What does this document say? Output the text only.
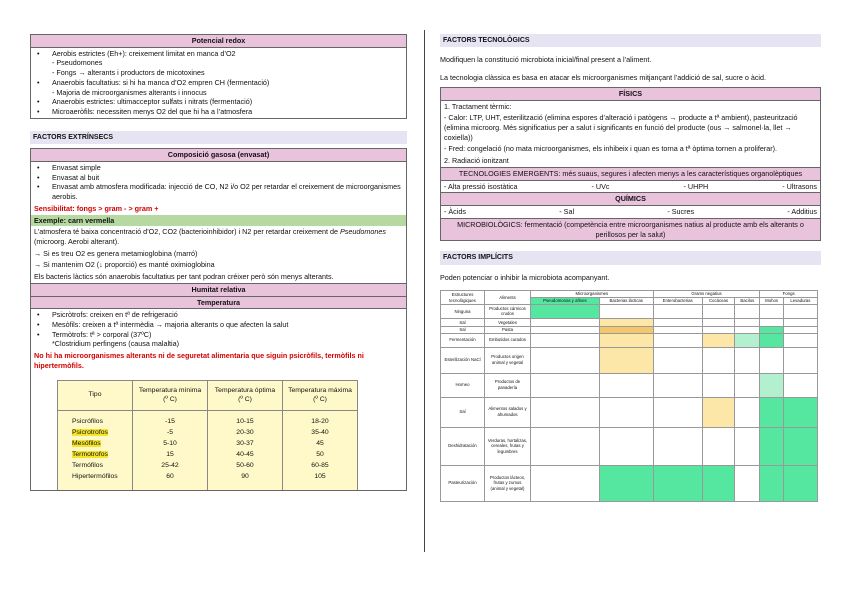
Potencial redox
• Aerobis estrictes (Eh+): creixement limitat en manca d’O2
- Pseudomones
- Fongs → alterants i productors de micotoxines
• Anaerobis facultatius: si hi ha manca d’O2 empren CH (fermentació)
- Majoria de microorganismes alterants i innocus
• Anaerobis estrictes: ultimacceptor sulfats i nitrats (fermentació)
• Microaeròfils: necessiten menys O2 del que hi ha a l’atmosfera
FACTORS EXTRÍNSECS
Composició gasosa (envasat)
• Envasat simple
• Envasat al buit
• Envasat amb atmosfera modificada: injecció de CO, N2 i/o O2 per retardar el creixement de microorganismes aerobis.
Sensibilitat: fongs > gram - > gram +
Exemple: carn vermella
L’atmosfera té baixa concentració d’O2, CO2 (bacterioinhibidor) i N2 per retardar creixement de Pseudomones (microorg. Aerobi alterant).
→ Si es treu O2 es genera metamioglobina (marró)
→ Si mantenim O2 (↓ proporció) es manté oximioglobina
Els bacteris làctics són anaerobis facultatius per tant podran créixer però són menys alterants.
Humitat relativa
Temperatura
• Psicròtrofs: creixen en tª de refrigeració
• Mesòfils: creixen a tª intermèdia → majoria alterants o que afecten la salut
• Termòtrofs: tª > corporal (37ºC)
*Clostridium perfingens (causa malaltia)
No hi ha microorganismes alterants ni de seguretat alimentaria que siguin psicròfils, termòfils ni hipertermòfils.
Tipo	Temperatura mínima (º C)	Temperatura óptima (º C)	Temperatura máxima (º C)
Psicrófilos	-15	10-15	18-20
Psicrotrofos	-5	20-30	35-40
Mesófilos	5-10	30-37	45
Termotrofos	15	40-45	50
Termófilos	25-42	50-60	60-85
Hipertermófilos	60	90	105
FACTORS TECNOLÒGICS
Modifiquen la constitució microbiota inicial/final present a l’aliment.
La tecnologia clàssica es basa en atacar els microorganismes mitjançant l’addició de sal, sucre o àcid.
FÍSICS
1. Tractament tèrmic:
- Calor: LTP, UHT, esterilització (elimina espores d’alteració i patògens → producte a tª ambient), pasteurització (elimina microorg. Més significatius per a salut i significants en funció del producte (ous → salmonel·la, llet → coxiella))
- Fred: congelació (no mata microorganismes, els inhibeix i quan es torna a tª òptima tornen a proliferar).
2. Radiació ionitzant
TECNOLOGIES EMERGENTS: més suaus, segures i afecten menys a les característiques organolèptiques
- Alta pressió isostàtica	- UVc	- UHPH	- Ultrasons
QUÍMICS
- Àcids	- Sal	- Sucres	- Additius
MICROBIOLÒGICS: fermentació (competència entre microorganismes natius al producte amb els alterants o perillosos per la salut)
FACTORS IMPLÍCITS
Poden potenciar o inhibir la microbiota acompanyant.
Estructures tecnològiques	Aliments	Microorganismes		Grams negatius			Fongs	
		Pseudomonas y afines	Bacterias lácticas	Enterobacterias	Cocáceas	Bacilos	Mohos	Levaduras
Ninguna	Productos cárnicos crudos							
Sal	Vegetales							
Sal	Pasta							
Fermentación	Embutidos curados							
Esterilización NaCl	Productos origen animal y vegetal							
Horneo	Productos de panadería							
Sal	Alimentos salados y ahumados							
Deshidratación	Verduras, hortalizas, cereales, frutas y legumbres							
Pasteurización	Productos lácteos, frutas y zumos (animal y vegetal)							
